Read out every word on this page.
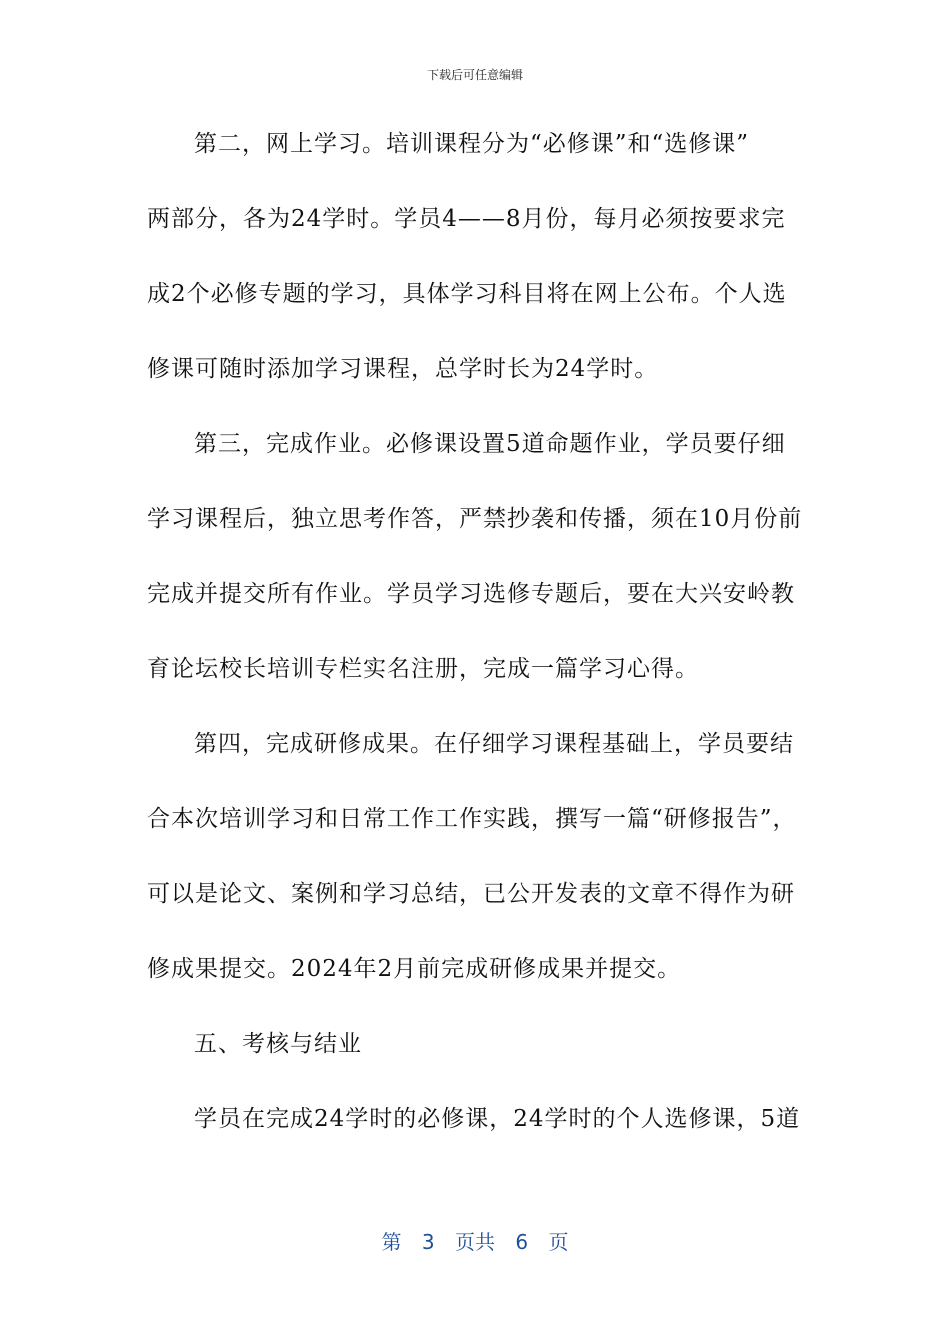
下载后可任意编辑
第二，网上学习。培训课程分为“必修课”和“选修课”
两部分，各为24学时。学员4——8月份，每月必须按要求完
成2个必修专题的学习，具体学习科目将在网上公布。个人选
修课可随时添加学习课程，总学时长为24学时。
第三，完成作业。必修课设置5道命题作业，学员要仔细
学习课程后，独立思考作答，严禁抄袭和传播，须在10月份前
完成并提交所有作业。学员学习选修专题后，要在大兴安岭教
育论坛校长培训专栏实名注册，完成一篇学习心得。
第四，完成研修成果。在仔细学习课程基础上，学员要结
合本次培训学习和日常工作工作实践，撰写一篇“研修报告”，
可以是论文、案例和学习总结，已公开发表的文章不得作为研
修成果提交。2024年2月前完成研修成果并提交。
五、考核与结业
学员在完成24学时的必修课，24学时的个人选修课，5道
第 3 页共 6 页
